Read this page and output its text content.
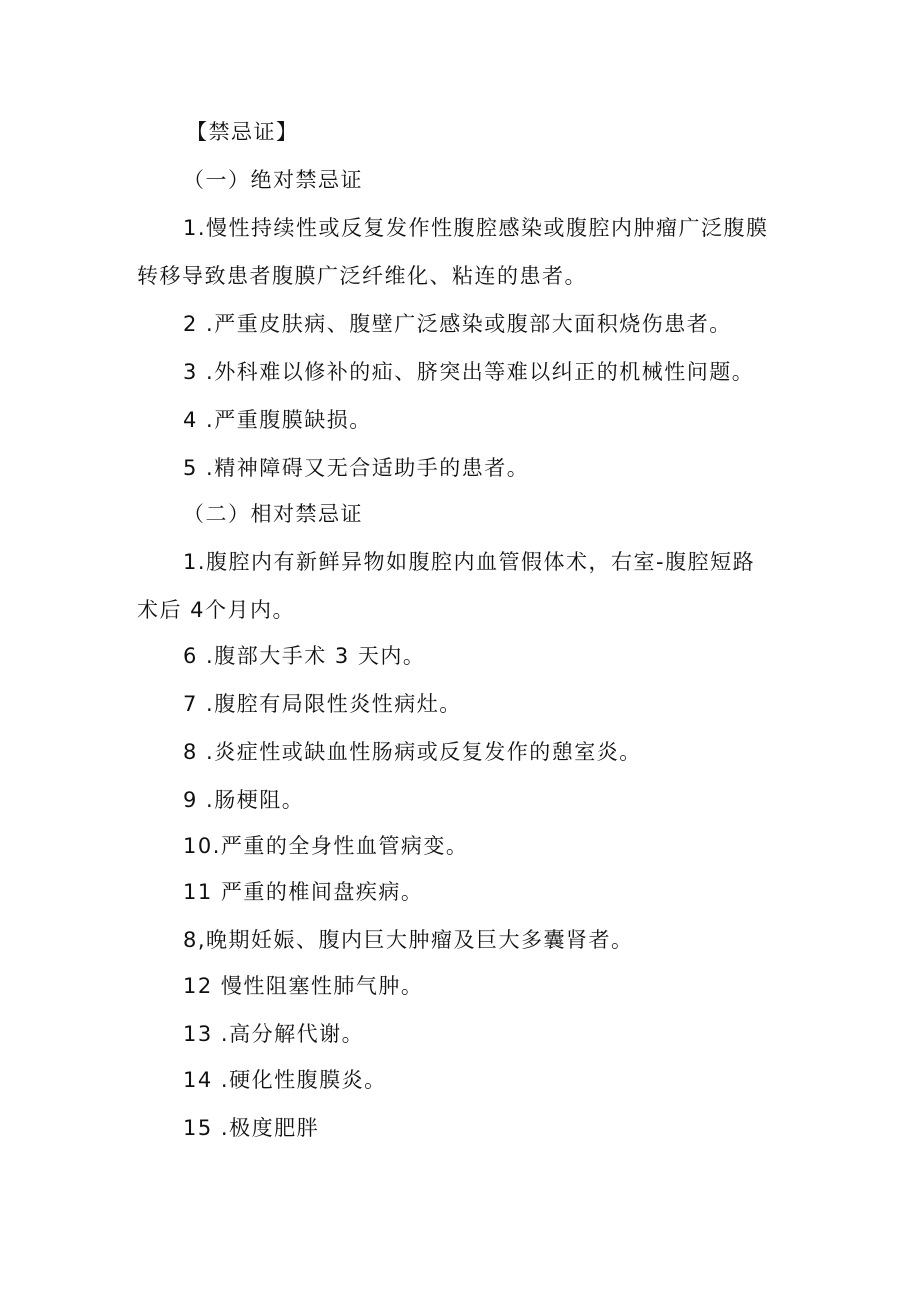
【禁忌证】
（一）绝对禁忌证
1.慢性持续性或反复发作性腹腔感染或腹腔内肿瘤广泛腹膜
转移导致患者腹膜广泛纤维化、粘连的患者。
2 .严重皮肤病、腹壁广泛感染或腹部大面积烧伤患者。
3 .外科难以修补的疝、脐突出等难以纠正的机械性问题。
4 .严重腹膜缺损。
5 .精神障碍又无合适助手的患者。
（二）相对禁忌证
1.腹腔内有新鲜异物如腹腔内血管假体术，右室-腹腔短路
术后 4个月内。
6 .腹部大手术 3 天内。
7 .腹腔有局限性炎性病灶。
8 .炎症性或缺血性肠病或反复发作的憩室炎。
9 .肠梗阻。
10.严重的全身性血管病变。
11 严重的椎间盘疾病。
8,晚期妊娠、腹内巨大肿瘤及巨大多囊肾者。
12 慢性阻塞性肺气肿。
13 .高分解代谢。
14 .硬化性腹膜炎。
15 .极度肥胖
